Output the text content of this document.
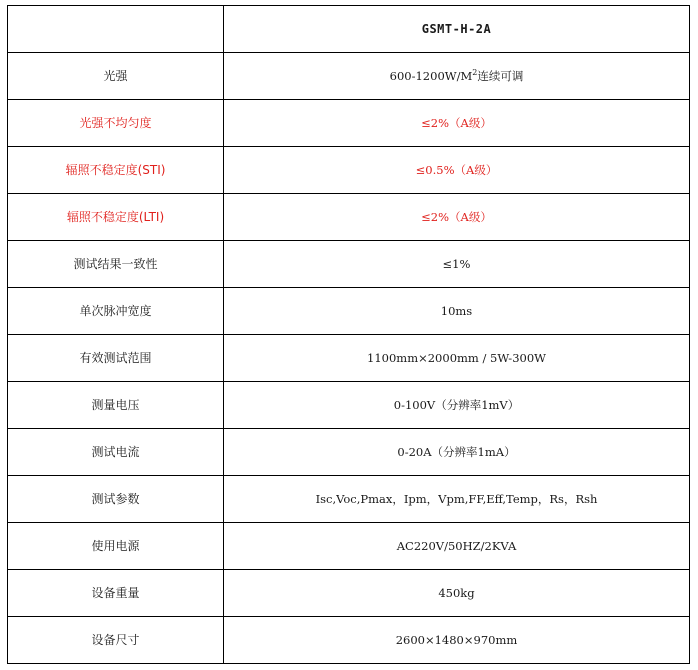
	GSMT-H-2A
光强	$600-1200W/M^2$连续可调
光强不均匀度	≤2%（A级）
辐照不稳定度(STI)	≤0.5%（A级）
辐照不稳定度(LTI)	≤2%（A级）
测试结果一致性	≤1%
单次脉冲宽度	10ms
有效测试范围	1100mm×2000mm / 5W-300W
测量电压	0-100V（分辨率1mV）
测试电流	0-20A（分辨率1mA）
测试参数	Isc,Voc,Pmax，Ipm，Vpm,FF,Eff,Temp，Rs，Rsh
使用电源	AC220V/50HZ/2KVA
设备重量	450kg
设备尺寸	2600×1480×970mm
